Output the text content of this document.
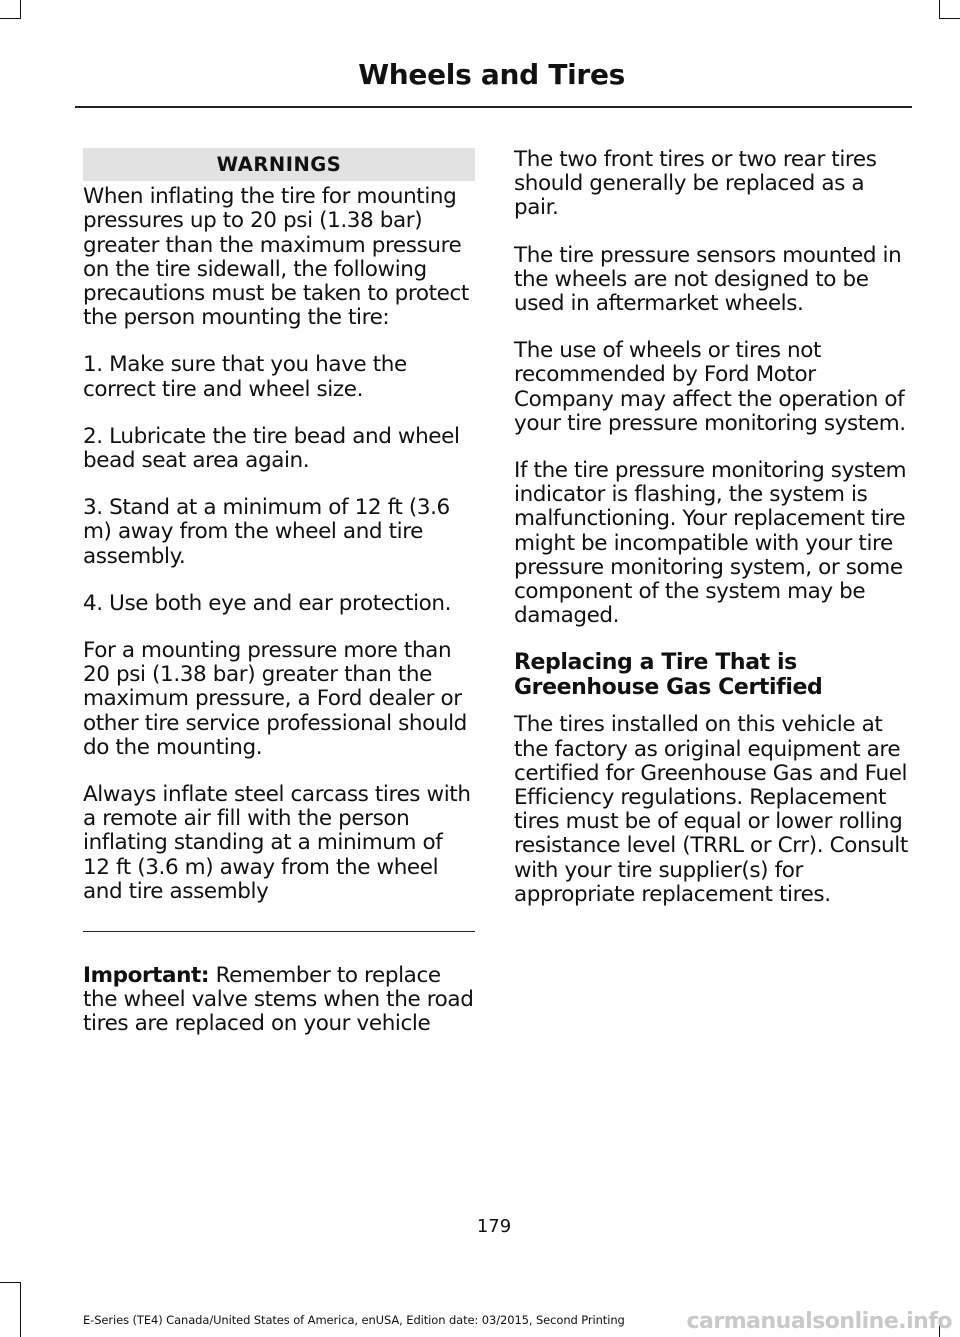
Wheels and Tires
WARNINGS

When inflating the tire for mounting pressures up to 20 psi (1.38 bar) greater than the maximum pressure on the tire sidewall, the following precautions must be taken to protect the person mounting the tire:

1. Make sure that you have the correct tire and wheel size.

2. Lubricate the tire bead and wheel bead seat area again.

3. Stand at a minimum of 12 ft (3.6 m) away from the wheel and tire assembly.

4. Use both eye and ear protection.

For a mounting pressure more than 20 psi (1.38 bar) greater than the maximum pressure, a Ford dealer or other tire service professional should do the mounting.

Always inflate steel carcass tires with a remote air fill with the person inflating standing at a minimum of 12 ft (3.6 m) away from the wheel and tire assembly

Important: Remember to replace the wheel valve stems when the road tires are replaced on your vehicle

The two front tires or two rear tires should generally be replaced as a pair.

The tire pressure sensors mounted in the wheels are not designed to be used in aftermarket wheels.

The use of wheels or tires not recommended by Ford Motor Company may affect the operation of your tire pressure monitoring system.

If the tire pressure monitoring system indicator is flashing, the system is malfunctioning. Your replacement tire might be incompatible with your tire pressure monitoring system, or some component of the system may be damaged.

Replacing a Tire That is Greenhouse Gas Certified

The tires installed on this vehicle at the factory as original equipment are certified for Greenhouse Gas and Fuel Efficiency regulations. Replacement tires must be of equal or lower rolling resistance level (TRRL or Crr). Consult with your tire supplier(s) for appropriate replacement tires.

179
E-Series (TE4) Canada/United States of America, enUSA, Edition date: 03/2015, Second Printing	carmanualsonline.info
